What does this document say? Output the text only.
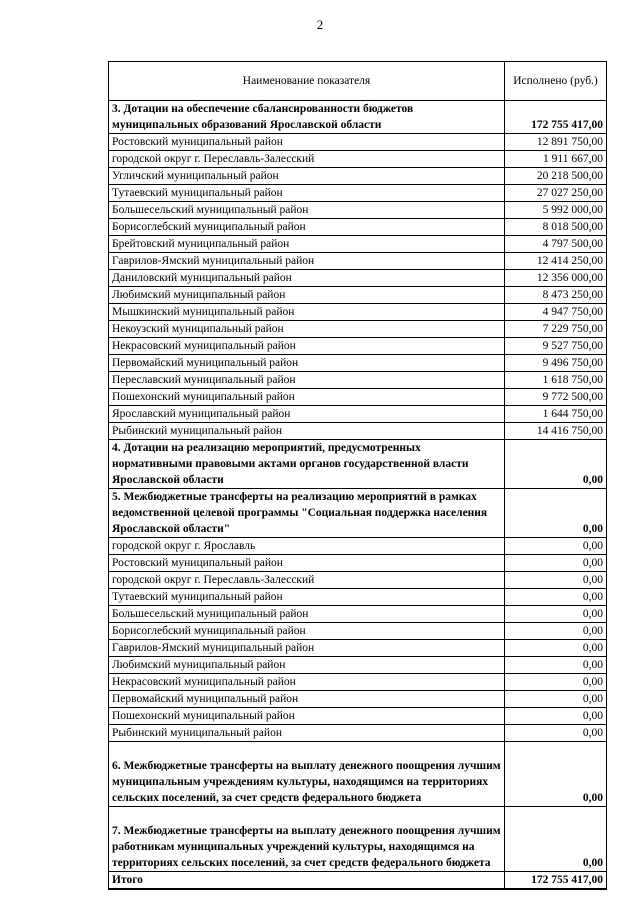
2
Наименование показателя	Исполнено (руб.)
3. Дотации на обеспечение сбалансированности бюджетов муниципальных образований Ярославской области	172 755 417,00
Ростовский муниципальный район	12 891 750,00
городской округ г. Переславль-Залесский	1 911 667,00
Угличский муниципальный район	20 218 500,00
Тутаевский муниципальный район	27 027 250,00
Большесельский муниципальный район	5 992 000,00
Борисоглебский муниципальный район	8 018 500,00
Брейтовский муниципальный район	4 797 500,00
Гаврилов-Ямский муниципальный район	12 414 250,00
Даниловский муниципальный район	12 356 000,00
Любимский муниципальный район	8 473 250,00
Мышкинский муниципальный район	4 947 750,00
Некоузский муниципальный район	7 229 750,00
Некрасовский муниципальный район	9 527 750,00
Первомайский муниципальный район	9 496 750,00
Переславский муниципальный район	1 618 750,00
Пошехонский муниципальный район	9 772 500,00
Ярославский муниципальный район	1 644 750,00
Рыбинский муниципальный район	14 416 750,00
4. Дотации на реализацию мероприятий, предусмотренных нормативными правовыми актами органов государственной власти Ярославской области	0,00
5. Межбюджетные трансферты на реализацию мероприятий в рамках ведомственной целевой программы "Социальная поддержка населения Ярославской области"	0,00
городской округ г. Ярославль	0,00
Ростовский муниципальный район	0,00
городской округ г. Переславль-Залесский	0,00
Тутаевский муниципальный район	0,00
Большесельский муниципальный район	0,00
Борисоглебский муниципальный район	0,00
Гаврилов-Ямский муниципальный район	0,00
Любимский муниципальный район	0,00
Некрасовский муниципальный район	0,00
Первомайский муниципальный район	0,00
Пошехонский муниципальный район	0,00
Рыбинский муниципальный район	0,00
6. Межбюджетные трансферты на выплату денежного поощрения лучшим муниципальным учреждениям культуры, находящимся на территориях сельских поселений, за счет средств федерального бюджета	0,00
7. Межбюджетные трансферты на выплату денежного поощрения лучшим работникам муниципальных учреждений культуры, находящимся на территориях сельских поселений, за счет средств федерального бюджета	0,00
Итого	172 755 417,00
